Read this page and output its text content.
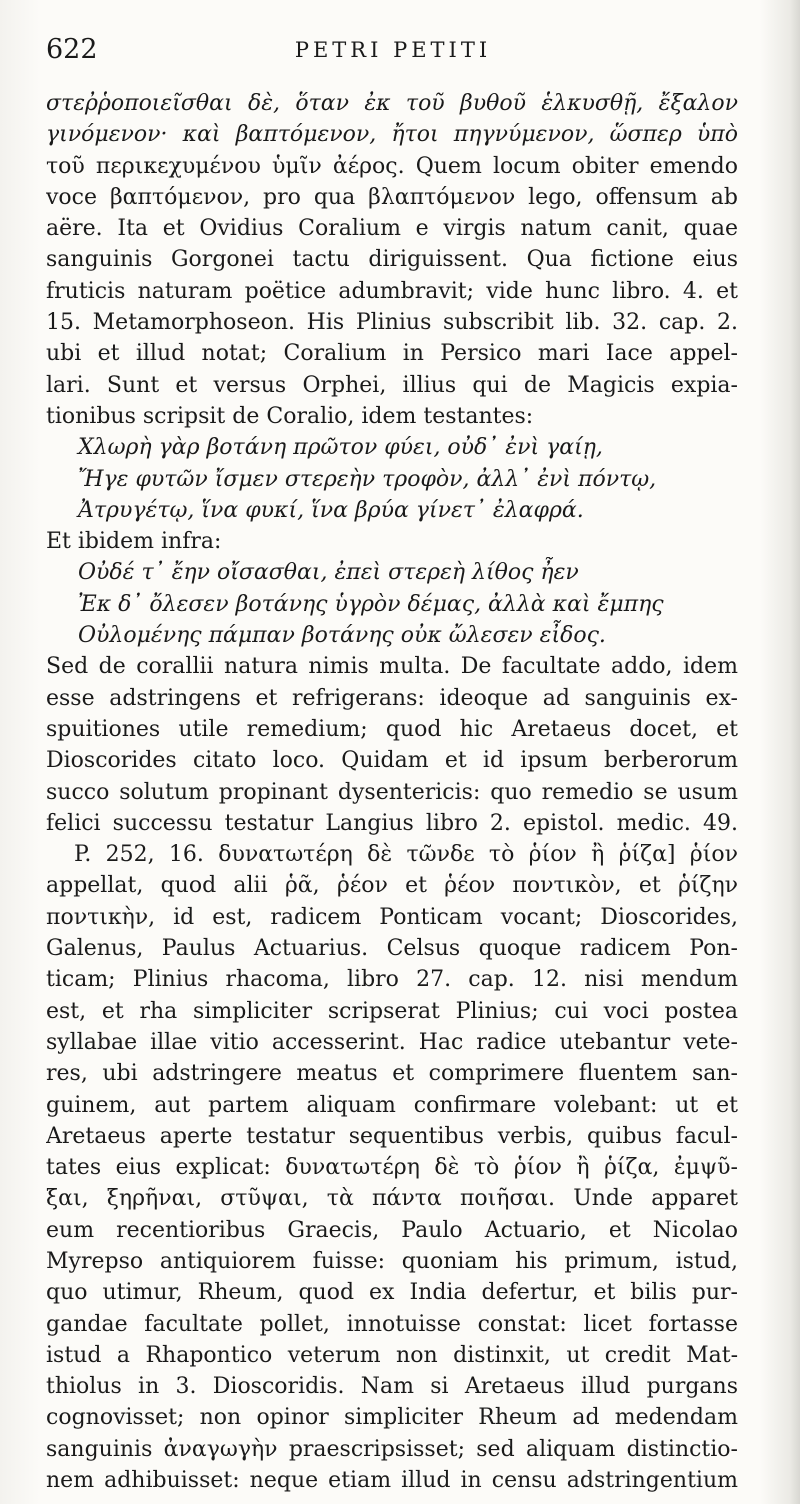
622	PETRI PETITI
στεῤῥοποιεῖσθαι δὲ, ὅταν ἐκ τοῦ βυθοῦ ἑλκυσθῇ, ἔξαλον
γινόμενον· καὶ βαπτόμενον, ἤτοι πηγνύμενον, ὥσπερ ὑπὸ
τοῦ περικεχυμένου ὑμῖν ἀέρος. Quem locum obiter emendo
voce βαπτόμενον, pro qua βλαπτόμενον lego, offensum ab
aëre. Ita et Ovidius Coralium e virgis natum canit, quae
sanguinis Gorgonei tactu diriguissent. Qua fictione eius
fruticis naturam poëtice adumbravit; vide hunc libro. 4. et
15. Metamorphoseon. His Plinius subscribit lib. 32. cap. 2.
ubi et illud notat; Coralium in Persico mari Iace appel-
lari. Sunt et versus Orphei, illius qui de Magicis expia-
tionibus scripsit de Coralio, idem testantes:
Χλωρὴ γὰρ βοτάνη πρῶτον φύει, οὐδ᾽ ἐνὶ γαίῃ,
Ἤγε φυτῶν ἴσμεν στερεὴν τροφὸν, ἀλλ᾽ ἐνὶ πόντῳ,
Ἀτρυγέτῳ, ἵνα φυκί, ἵνα βρύα γίνετ᾽ ἐλαφρά.
Et ibidem infra:
Οὐδέ τ᾽ ἔην οἴσασθαι, ἐπεὶ στερεὴ λίθος ἦεν
Ἐκ δ᾽ ὄλεσεν βοτάνης ὑγρὸν δέμας, ἀλλὰ καὶ ἔμπης
Οὐλομένης πάμπαν βοτάνης οὐκ ὤλεσεν εἶδος.
Sed de corallii natura nimis multa. De facultate addo, idem
esse adstringens et refrigerans: ideoque ad sanguinis ex-
spuitiones utile remedium; quod hic Aretaeus docet, et
Dioscorides citato loco. Quidam et id ipsum berberorum
succo solutum propinant dysentericis: quo remedio se usum
felici successu testatur Langius libro 2. epistol. medic. 49.
P. 252, 16. δυνατωτέρη δὲ τῶνδε τὸ ῥίον ἢ ῥίζα] ῥίον
appellat, quod alii ῥᾶ, ῥέον et ῥέον ποντικὸν, et ῥίζην
ποντικὴν, id est, radicem Ponticam vocant; Dioscorides,
Galenus, Paulus Actuarius. Celsus quoque radicem Pon-
ticam; Plinius rhacoma, libro 27. cap. 12. nisi mendum
est, et rha simpliciter scripserat Plinius; cui voci postea
syllabae illae vitio accesserint. Hac radice utebantur vete-
res, ubi adstringere meatus et comprimere fluentem san-
guinem, aut partem aliquam confirmare volebant: ut et
Aretaeus aperte testatur sequentibus verbis, quibus facul-
tates eius explicat: δυνατωτέρη δὲ τὸ ῥίον ἢ ῥίζα, ἐμψῦ-
ξαι, ξηρῆναι, στῦψαι, τὰ πάντα ποιῆσαι. Unde apparet
eum recentioribus Graecis, Paulo Actuario, et Nicolao
Myrepso antiquiorem fuisse: quoniam his primum, istud,
quo utimur, Rheum, quod ex India defertur, et bilis pur-
gandae facultate pollet, innotuisse constat: licet fortasse
istud a Rhapontico veterum non distinxit, ut credit Mat-
thiolus in 3. Dioscoridis. Nam si Aretaeus illud purgans
cognovisset; non opinor simpliciter Rheum ad medendam
sanguinis ἀναγωγὴν praescripsisset; sed aliquam distinctio-
nem adhibuisset: neque etiam illud in censu adstringentium
